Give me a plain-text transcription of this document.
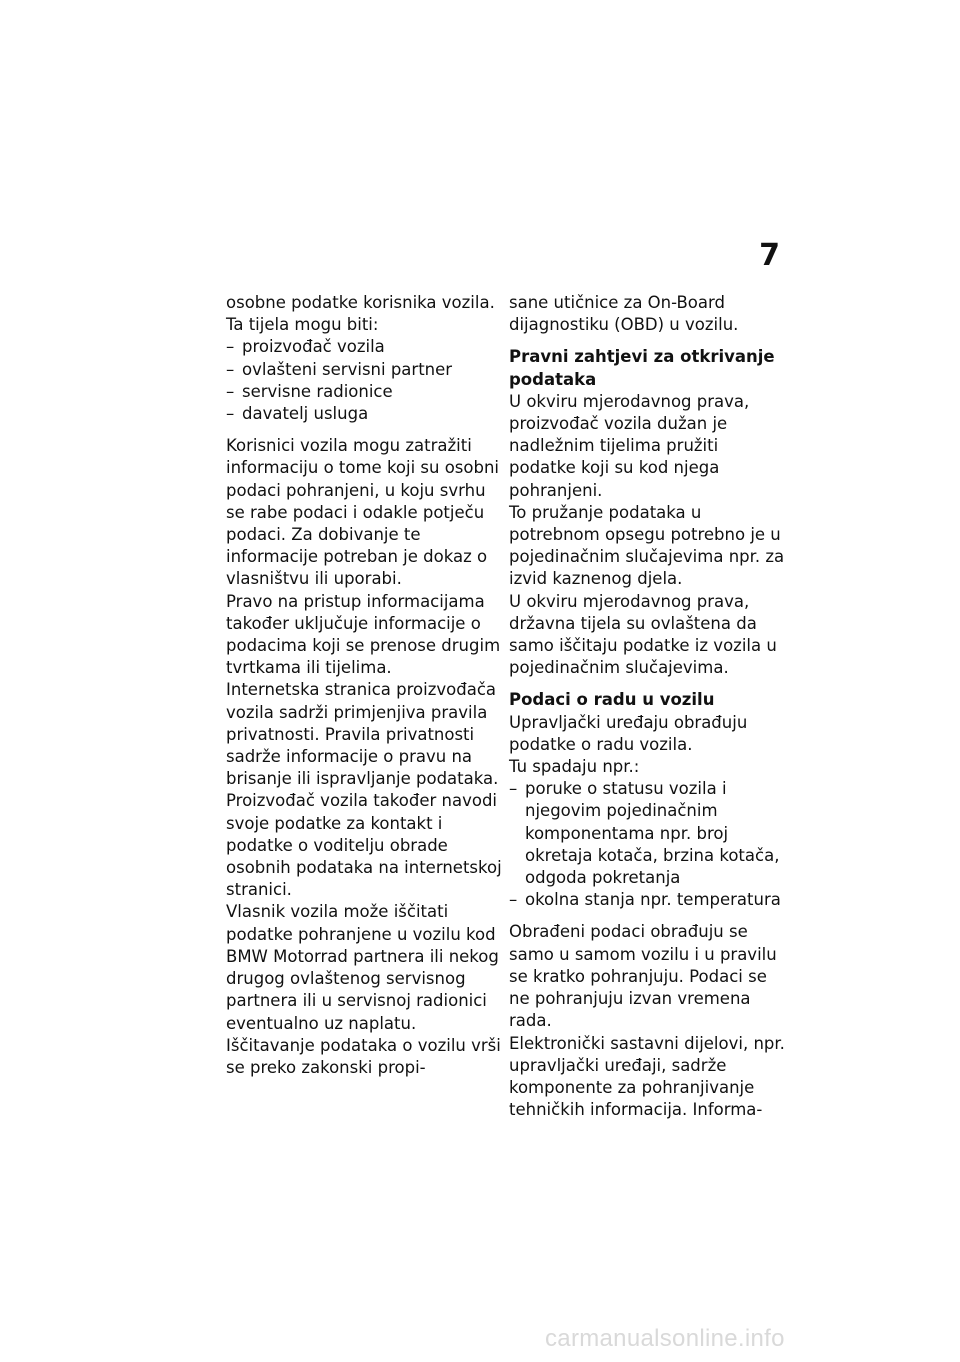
7

osobne podatke korisnika vozila.

Ta tijela mogu biti:

– proizvođač vozila
– ovlašteni servisni partner
– servisne radionice
– davatelj usluga

Korisnici vozila mogu zatražiti informaciju o tome koji su osobni podaci pohranjeni, u koju svrhu se rabe podaci i odakle potječu podaci. Za dobivanje te informacije potreban je dokaz o vlasništvu ili uporabi.

Pravo na pristup informacijama također uključuje informacije o podacima koji se prenose drugim tvrtkama ili tijelima.

Internetska stranica proizvođača vozila sadrži primjenjiva pravila privatnosti. Pravila privatnosti sadrže informacije o pravu na brisanje ili ispravljanje podataka. Proizvođač vozila također navodi svoje podatke za kontakt i podatke o voditelju obrade osobnih podataka na internetskoj stranici.

Vlasnik vozila može iščitati podatke pohranjene u vozilu kod BMW Motorrad partnera ili nekog drugog ovlaštenog servisnog partnera ili u servisnoj radionici eventualno uz naplatu.

Iščitavanje podataka o vozilu vrši se preko zakonski propi-

sane utičnice za On-Board dijagnostiku (OBD) u vozilu.

Pravni zahtjevi za otkrivanje podataka

U okviru mjerodavnog prava, proizvođač vozila dužan je nadležnim tijelima pružiti podatke koji su kod njega pohranjeni.

To pružanje podataka u potrebnom opsegu potrebno je u pojedinačnim slučajevima npr. za izvid kaznenog djela.

U okviru mjerodavnog prava, državna tijela su ovlaštena da samo iščitaju podatke iz vozila u pojedinačnim slučajevima.

Podaci o radu u vozilu

Upravljački uređaju obrađuju podatke o radu vozila.

Tu spadaju npr.:

– poruke o statusu vozila i njegovim pojedinačnim komponentama npr. broj okretaja kotača, brzina kotača, odgoda pokretanja
– okolna stanja npr. temperatura

Obrađeni podaci obrađuju se samo u samom vozilu i u pravilu se kratko pohranjuju. Podaci se ne pohranjuju izvan vremena rada.

Elektronički sastavni dijelovi, npr. upravljački uređaji, sadrže komponente za pohranjivanje tehničkih informacija. Informa-

carmanualsonline.info
